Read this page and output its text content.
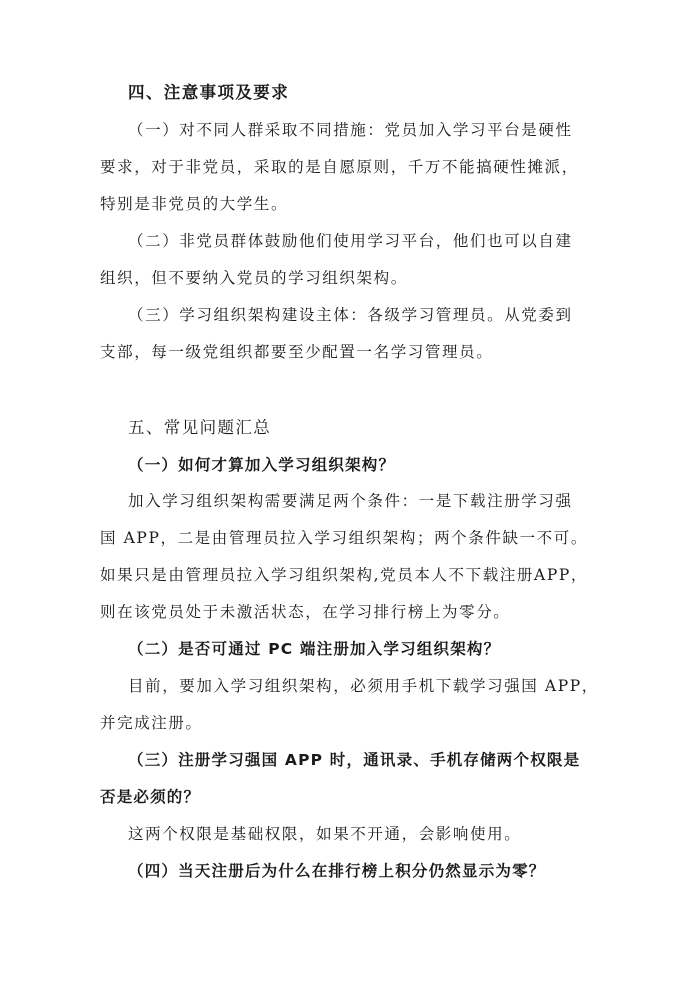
四、注意事项及要求
（一）对不同人群采取不同措施：党员加入学习平台是硬性
要求，对于非党员，采取的是自愿原则，千万不能搞硬性摊派，
特别是非党员的大学生。
（二）非党员群体鼓励他们使用学习平台，他们也可以自建
组织，但不要纳入党员的学习组织架构。
（三）学习组织架构建设主体：各级学习管理员。从党委到
支部，每一级党组织都要至少配置一名学习管理员。
五、常见问题汇总
（一）如何才算加入学习组织架构？
加入学习组织架构需要满足两个条件：一是下载注册学习强
国 APP，二是由管理员拉入学习组织架构；两个条件缺一不可。
如果只是由管理员拉入学习组织架构,党员本人不下载注册APP，
则在该党员处于未激活状态，在学习排行榜上为零分。
（二）是否可通过 PC 端注册加入学习组织架构？
目前，要加入学习组织架构，必须用手机下载学习强国 APP，
并完成注册。
（三）注册学习强国 APP 时，通讯录、手机存储两个权限是
否是必须的？
这两个权限是基础权限，如果不开通，会影响使用。
（四）当天注册后为什么在排行榜上积分仍然显示为零？
